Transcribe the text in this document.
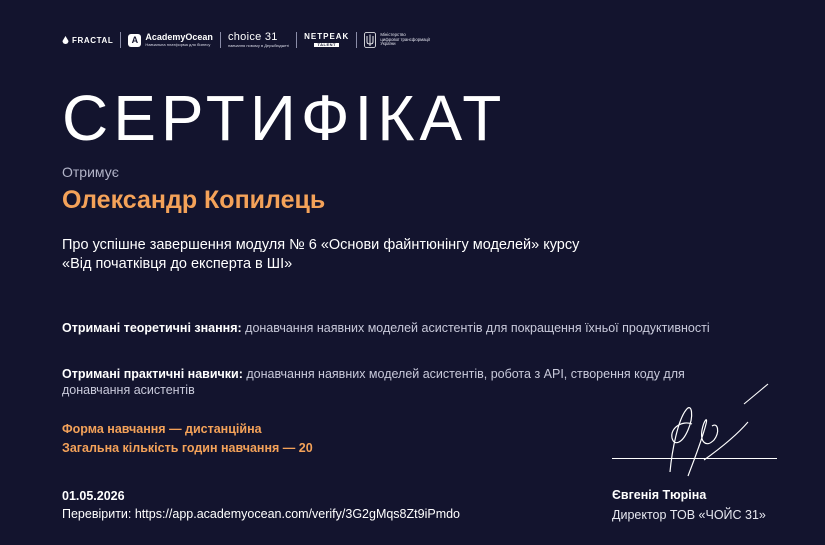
FRACTAL	A AcademyOcean
Навчальна платформа для бізнесу
choice 31
навчання новому в Держбюджеті
NETPEAK
TALENT
Міністерство
цифрової трансформації
України
СЕРТИФІКАТ
Отримує
Олександр Копилець
Про успішне завершення модуля № 6 «Основи файнтюнінгу моделей» курсу
«Від початківця до експерта в ШІ»
Отримані теоретичні знання: донавчання наявних моделей асистентів для покращення їхньої продуктивності
Отримані практичні навички: донавчання наявних моделей асистентів, робота з API, створення коду для донавчання асистентів
Форма навчання — дистанційна
Загальна кількість годин навчання — 20
01.05.2026
Перевірити: https://app.academyocean.com/verify/3G2gMqs8Zt9iPmdo
Євгенія Тюріна
Директор ТОВ «ЧОЙС 31»
